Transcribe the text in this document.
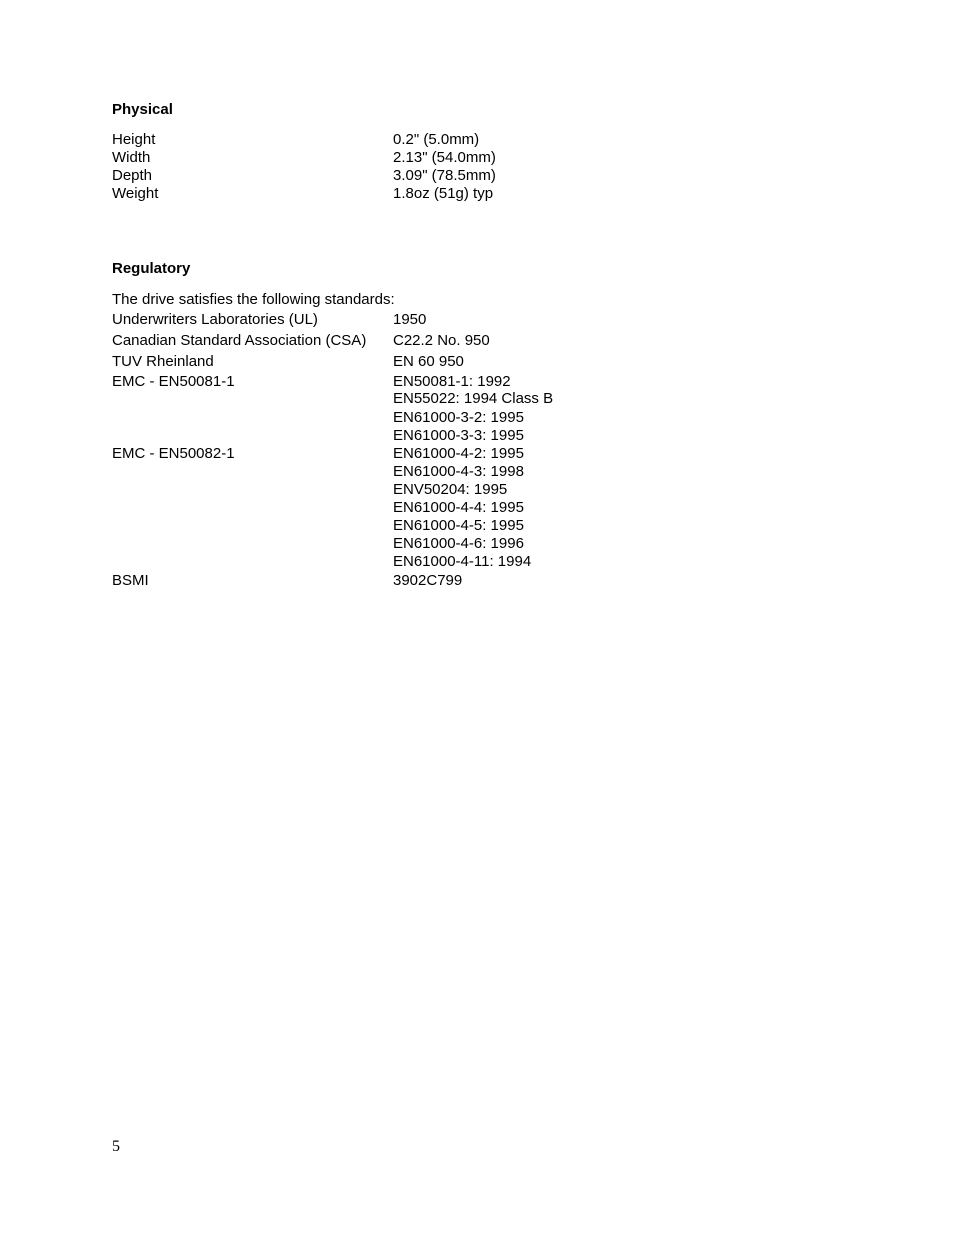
Physical
Height	0.2" (5.0mm)
Width	2.13" (54.0mm)
Depth	3.09" (78.5mm)
Weight	1.8oz (51g) typ
Regulatory
The drive satisfies the following standards:
Underwriters Laboratories (UL)	1950
Canadian Standard Association (CSA) C22.2 No. 950
TUV Rheinland	EN 60 950
EMC - EN50081-1	EN50081-1: 1992
EN55022: 1994 Class B
EN61000-3-2: 1995
EN61000-3-3: 1995
EMC - EN50082-1	EN61000-4-2: 1995
EN61000-4-3: 1998
ENV50204: 1995
EN61000-4-4: 1995
EN61000-4-5: 1995
EN61000-4-6: 1996
EN61000-4-11: 1994
BSMI	3902C799
5
